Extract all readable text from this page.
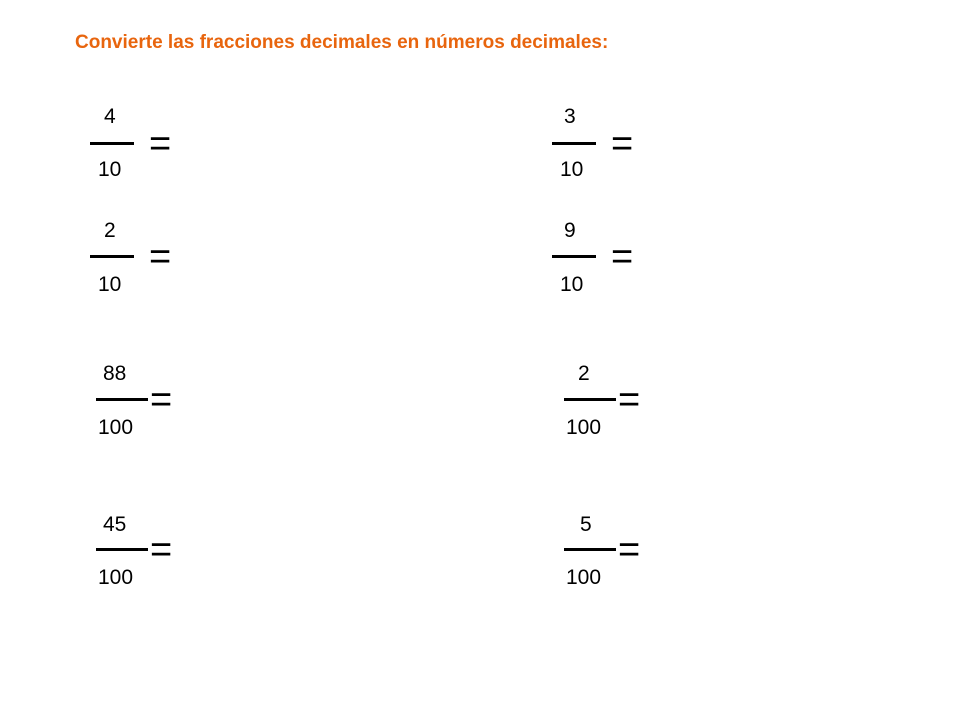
Convierte las fracciones decimales en números decimales:
4
10
=
3
10
=
2
10
=
9
10
=
88
100
=
2
100
=
45
100
=
5
100
=
